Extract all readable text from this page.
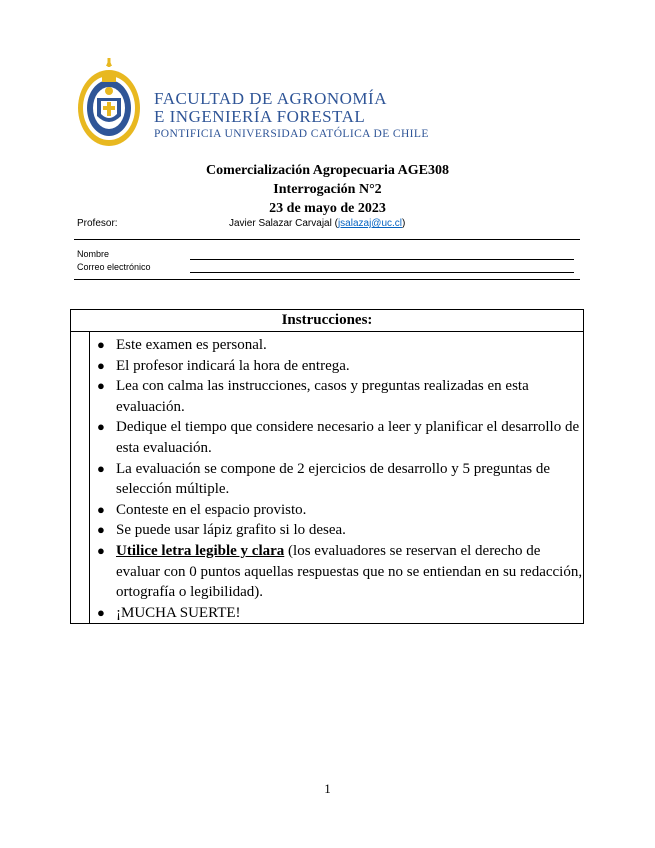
FACULTAD DE AGRONOMÍA
E INGENIERÍA FORESTAL
PONTIFICIA UNIVERSIDAD CATÓLICA DE CHILE
Comercialización Agropecuaria AGE308
Interrogación N°2
23 de mayo de 2023
Profesor:	Javier Salazar Carvajal (jsalazaj@uc.cl)
Nombre
Correo electrónico
Instrucciones:
● Este examen es personal.
● El profesor indicará la hora de entrega.
● Lea con calma las instrucciones, casos y preguntas realizadas en esta evaluación.
● Dedique el tiempo que considere necesario a leer y planificar el desarrollo de esta evaluación.
● La evaluación se compone de 2 ejercicios de desarrollo y 5 preguntas de selección múltiple.
● Conteste en el espacio provisto.
● Se puede usar lápiz grafito si lo desea.
● Utilice letra legible y clara (los evaluadores se reservan el derecho de evaluar con 0 puntos aquellas respuestas que no se entiendan en su redacción, ortografía o legibilidad).
● ¡MUCHA SUERTE!
1
